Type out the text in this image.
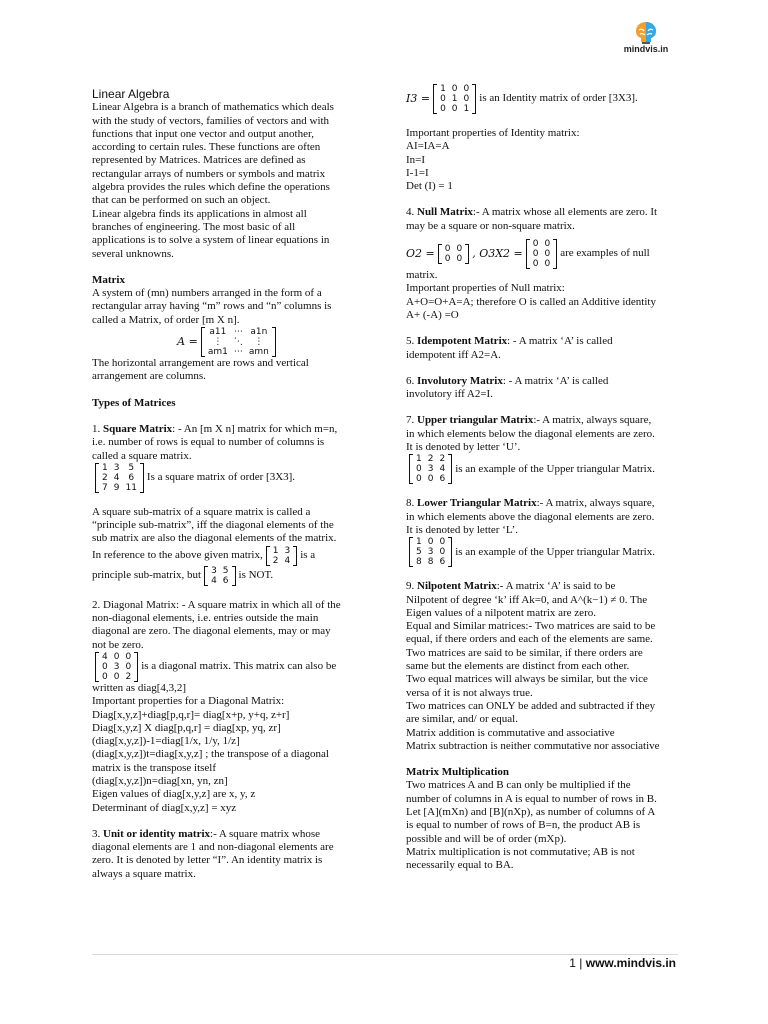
mindvis.in

Linear Algebra

Linear Algebra is a branch of mathematics which deals
with the study of vectors, families of vectors and with
functions that input one vector and output another,
according to certain rules. These functions are often
represented by Matrices. Matrices are defined as
rectangular arrays of numbers or symbols and matrix
algebra provides the rules which define the operations
that can be performed on such an object.
Linear algebra finds its applications in almost all
branches of engineering. The most basic of all
applications is to solve a system of linear equations in
several unknowns.

Matrix

A system of (mn) numbers arranged in the form of a
rectangular array having “m” rows and “n” columns is
called a Matrix, of order [m X n].
A =
a11	⋯	a1n
⋮	⋱	⋮
am1	⋯	amn
The horizontal arrangement are rows and vertical
arrangement are columns.

Types of Matrices

1. Square Matrix: - An [m X n] matrix for which m=n,

i.e. number of rows is equal to number of columns is
called a square matrix.
1	3	5
2	4	6
7	9	11
Is a square matrix of order [3X3].
A square sub-matrix of a square matrix is called a
“principle sub-matrix”, iff the diagonal elements of the
sub matrix are also the diagonal elements of the matrix.
In reference to the above given matrix, 1	3
2	4 is a
principle sub-matrix, but 3	5
4	6 is NOT.
2. Diagonal Matrix: - A square matrix in which all of the
non-diagonal elements, i.e. entries outside the main
diagonal are zero. The diagonal elements, may or may
not be zero.
4	0	0
0	3	0
0	0	2
is a diagonal matrix. This matrix can also be
written as diag[4,3,2]
Important properties for a Diagonal Matrix:
Diag[x,y,z]+diag[p,q,r]= diag[x+p, y+q, z+r]
Diag[x,y,z] X diag[p,q,r] = diag[xp, yq, zr]
(diag[x,y,z])-1=diag[1/x, 1/y, 1/z]
(diag[x,y,z])t=diag[x,y,z] ; the transpose of a diagonal
matrix is the transpose itself
(diag[x,y,z])n=diag[xn, yn, zn]
Eigen values of diag[x,y,z] are x, y, z
Determinant of diag[x,y,z] = xyz

3. Unit or identity matrix:- A square matrix whose

diagonal elements are 1 and non-diagonal elements are
zero. It is denoted by letter “I”. An identity matrix is
always a square matrix.
I3 =
1	0	0
0	1	0
0	0	1
is an Identity matrix of order [3X3].
Important properties of Identity matrix:
AI=IA=A
In=I
I-1=I
Det (I) = 1

4. Null Matrix:- A matrix whose all elements are zero. It

may be a square or non-square matrix.
O2 = 0	0
0	0 , O3X2 =
0	0
0	0
0	0
are examples of null
matrix.
Important properties of Null matrix:
A+O=O+A=A; therefore O is called an Additive identity
A+ (-A) =O

5. Idempotent Matrix: - A matrix ‘A’ is called

idempotent iff A2=A.

6. Involutory Matrix: - A matrix ‘A’ is called

involutory iff A2=I.

7. Upper triangular Matrix:- A matrix, always square,

in which elements below the diagonal elements are zero.
It is denoted by letter ‘U’.
1	2	2
0	3	4
0	0	6
is an example of the Upper triangular Matrix.

8. Lower Triangular Matrix:- A matrix, always square,

in which elements above the diagonal elements are zero.
It is denoted by letter ‘L’.
1	0	0
5	3	0
8	8	6
is an example of the Upper triangular Matrix.

9. Nilpotent Matrix:- A matrix ‘A’ is said to be

Nilpotent of degree ‘k’ iff Ak=0, and A^(k−1) ≠ 0. The
Eigen values of a nilpotent matrix are zero.
Equal and Similar matrices:- Two matrices are said to be
equal, if there orders and each of the elements are same.
Two matrices are said to be similar, if there orders are
same but the elements are distinct from each other.
Two equal matrices will always be similar, but the vice
versa of it is not always true.
Two matrices can ONLY be added and subtracted if they
are similar, and/ or equal.
Matrix addition is commutative and associative
Matrix subtraction is neither commutative nor associative

Matrix Multiplication

Two matrices A and B can only be multiplied if the
number of columns in A is equal to number of rows in B.
Let [A](mXn) and [B](nXp), as number of columns of A
is equal to number of rows of B=n, the product AB is
possible and will be of order (mXp).
Matrix multiplication is not commutative; AB is not
necessarily equal to BA.
1 | www.mindvis.in
